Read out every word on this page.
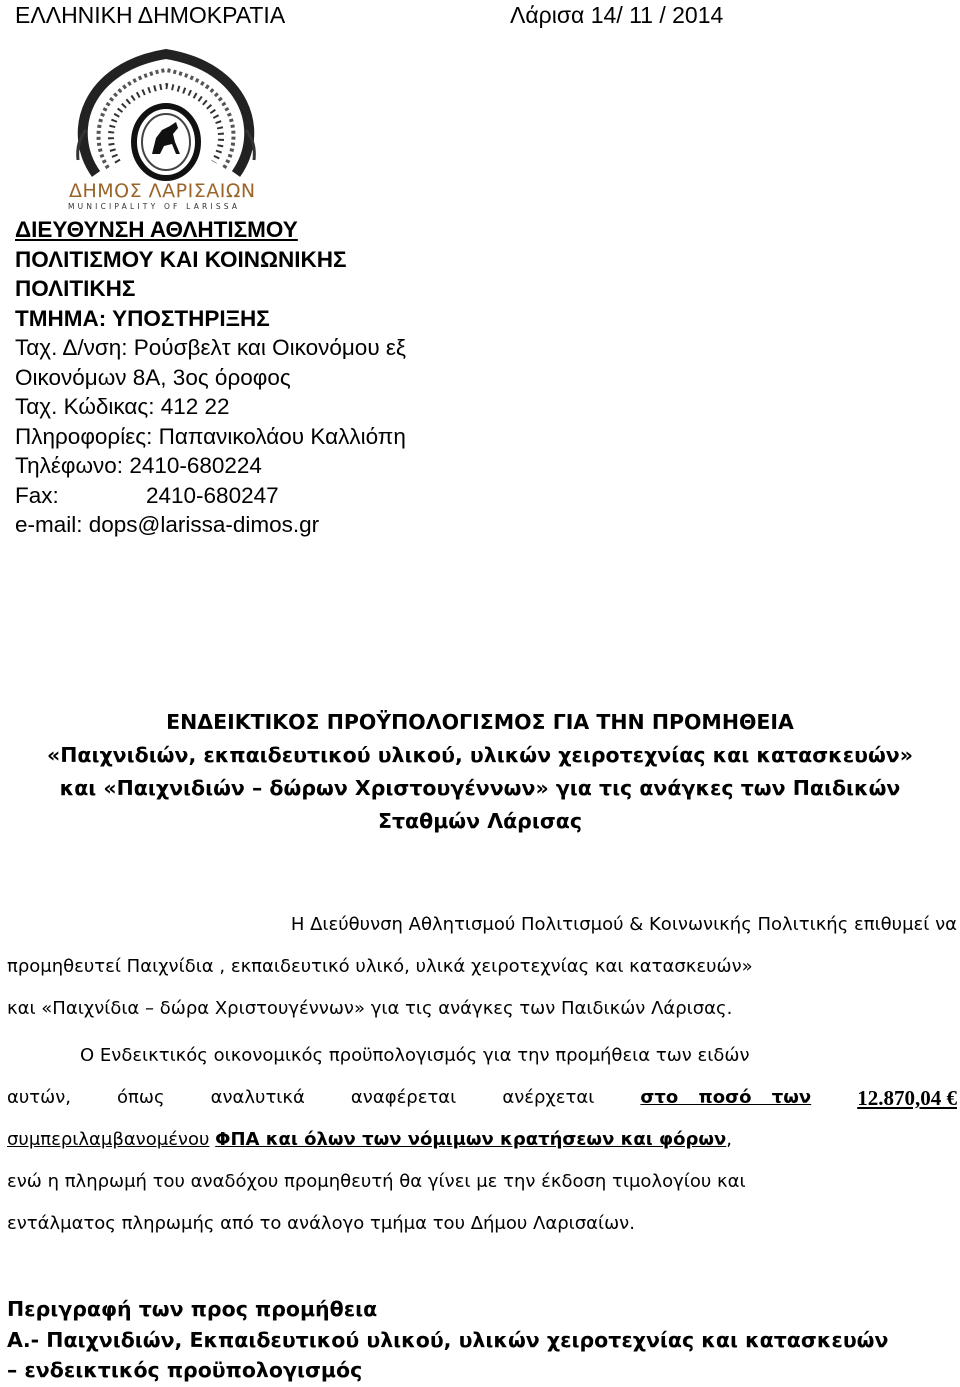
ΕΛΛΗΝΙΚΗ ΔΗΜΟΚΡΑΤΙΑ	Λάρισα 14/ 11 / 2014
ΔΗΜΟΣ ΛΑΡΙΣΑΙΩΝ
MUNICIPALITY OF LARISSA
ΔΙΕΥΘΥΝΣΗ ΑΘΛΗΤΙΣΜΟΥ
ΠΟΛΙΤΙΣΜΟΥ ΚΑΙ ΚΟΙΝΩΝΙΚΗΣ
ΠΟΛΙΤΙΚΗΣ
ΤΜΗΜΑ: ΥΠΟΣΤΗΡΙΞΗΣ
Ταχ. Δ/νση: Ρούσβελτ και Οικονόμου εξ
Οικονόμων 8Α, 3ος όροφος
Ταχ. Κώδικας: 412 22
Πληροφορίες: Παπανικολάου Καλλιόπη
Τηλέφωνο: 2410-680224
Fax:	2410-680247
e-mail: dops@larissa-dimos.gr
ΕΝΔΕΙΚΤΙΚΟΣ ΠΡΟΫΠΟΛΟΓΙΣΜΟΣ ΓΙΑ ΤΗΝ ΠΡΟΜΗΘΕΙΑ
«Παιχνιδιών, εκπαιδευτικού υλικού, υλικών χειροτεχνίας και κατασκευών»
και «Παιχνιδιών – δώρων Χριστουγέννων» για τις ανάγκες των Παιδικών
Σταθμών Λάρισας
Η Διεύθυνση Αθλητισμού Πολιτισμού & Κοινωνικής Πολιτικής επιθυμεί να
προμηθευτεί Παιχνίδια , εκπαιδευτικό υλικό, υλικά χειροτεχνίας και κατασκευών»
και «Παιχνίδια – δώρα Χριστουγέννων» για τις ανάγκες των Παιδικών Λάρισας.
Ο Ενδεικτικός οικονομικός προϋπολογισμός για την προμήθεια των ειδών
αυτών,	όπως	αναλυτικά	αναφέρεται	ανέρχεται	στο ποσό των 12.870,04 €
συμπεριλαμβανομένου
ΦΠΑ και όλων των νόμιμων κρατήσεων και φόρων ,
ενώ η πληρωμή του αναδόχου προμηθευτή θα γίνει με την έκδοση τιμολογίου και
εντάλματος πληρωμής από το ανάλογο τμήμα του Δήμου Λαρισαίων.
Περιγραφή των προς προμήθεια
Α.- Παιχνιδιών, Εκπαιδευτικού υλικού, υλικών χειροτεχνίας και κατασκευών
– ενδεικτικός προϋπολογισμός
